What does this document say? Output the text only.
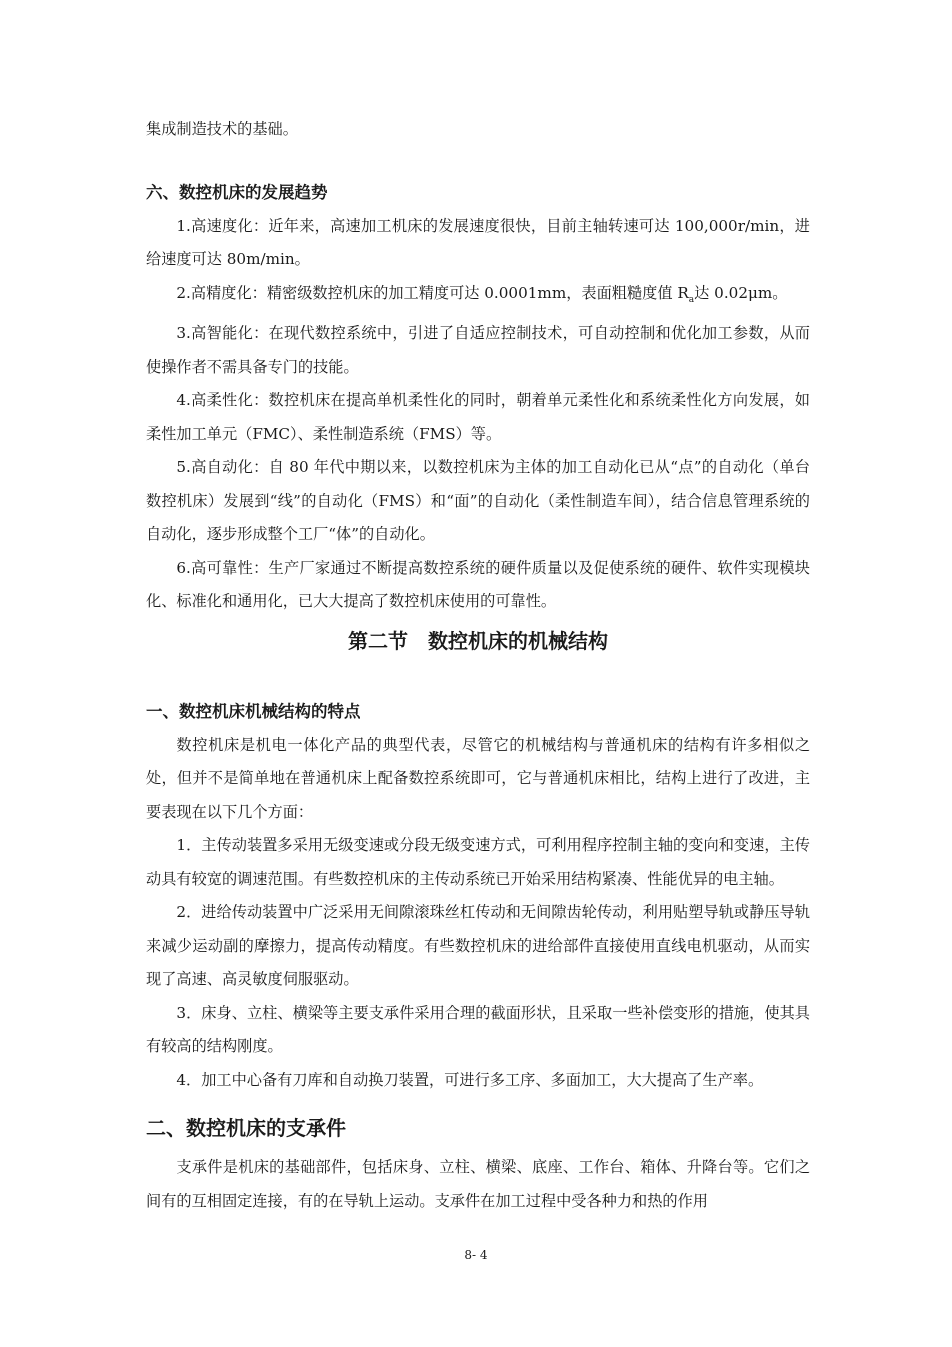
集成制造技术的基础。

六、数控机床的发展趋势

1.高速度化：近年来，高速加工机床的发展速度很快，目前主轴转速可达 100,000r/min，进给速度可达 80m/min。

2.高精度化：精密级数控机床的加工精度可达 0.0001mm，表面粗糙度值 $R_a$达 0.02μm。

3.高智能化：在现代数控系统中，引进了自适应控制技术，可自动控制和优化加工参数，从而使操作者不需具备专门的技能。

4.高柔性化：数控机床在提高单机柔性化的同时，朝着单元柔性化和系统柔性化方向发展，如柔性加工单元（FMC）、柔性制造系统（FMS）等。

5.高自动化：自 80 年代中期以来，以数控机床为主体的加工自动化已从“点”的自动化（单台数控机床）发展到“线”的自动化（FMS）和“面”的自动化（柔性制造车间），结合信息管理系统的自动化，逐步形成整个工厂“体”的自动化。

6.高可靠性：生产厂家通过不断提高数控系统的硬件质量以及促使系统的硬件、软件实现模块化、标准化和通用化，已大大提高了数控机床使用的可靠性。

第二节　数控机床的机械结构

一、数控机床机械结构的特点

数控机床是机电一体化产品的典型代表，尽管它的机械结构与普通机床的结构有许多相似之处，但并不是简单地在普通机床上配备数控系统即可，它与普通机床相比，结构上进行了改进，主要表现在以下几个方面：

1．主传动装置多采用无级变速或分段无级变速方式，可利用程序控制主轴的变向和变速，主传动具有较宽的调速范围。有些数控机床的主传动系统已开始采用结构紧凑、性能优异的电主轴。

2．进给传动装置中广泛采用无间隙滚珠丝杠传动和无间隙齿轮传动，利用贴塑导轨或静压导轨来减少运动副的摩擦力，提高传动精度。有些数控机床的进给部件直接使用直线电机驱动，从而实现了高速、高灵敏度伺服驱动。

3．床身、立柱、横梁等主要支承件采用合理的截面形状，且采取一些补偿变形的措施，使其具有较高的结构刚度。

4．加工中心备有刀库和自动换刀装置，可进行多工序、多面加工，大大提高了生产率。

二、数控机床的支承件

支承件是机床的基础部件，包括床身、立柱、横梁、底座、工作台、箱体、升降台等。它们之间有的互相固定连接，有的在导轨上运动。支承件在加工过程中受各种力和热的作用

8- 4
